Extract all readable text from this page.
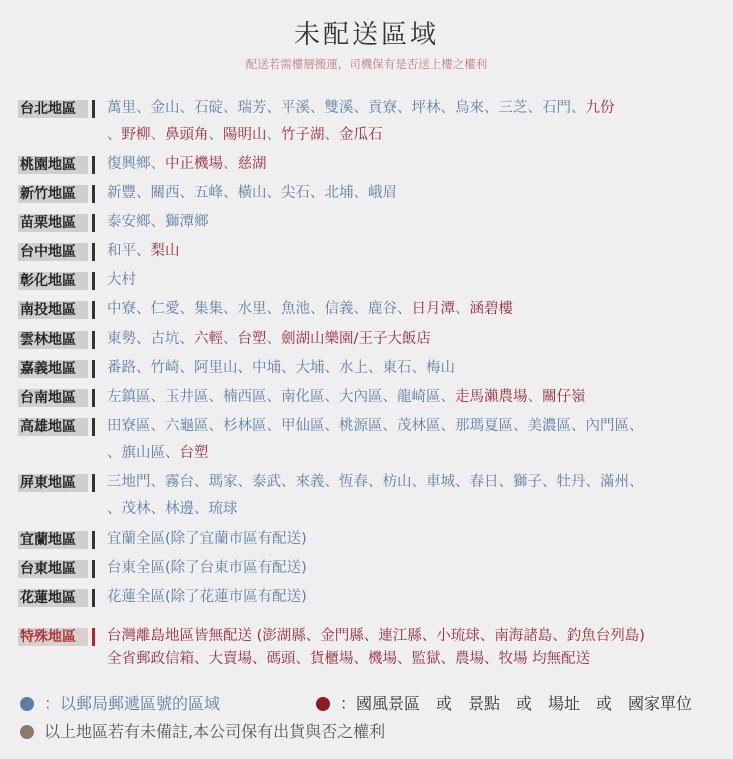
未配送區域
配送若需樓層搬運，司機保有是否送上樓之權利
台北地區	萬里、金山、石碇、瑞芳、平溪、雙溪、貢寮、坪林、烏來、三芝、石門、九份
、野柳、鼻頭角、陽明山、竹子湖、金瓜石
桃園地區	復興鄉、中正機場、慈湖
新竹地區	新豐、關西、五峰、橫山、尖石、北埔、峨眉
苗栗地區	泰安鄉、獅潭鄉
台中地區	和平、梨山
彰化地區	大村
南投地區	中寮、仁愛、集集、水里、魚池、信義、鹿谷、日月潭、涵碧樓
雲林地區	東勢、古坑、六輕、台塑、劍湖山樂園/王子大飯店
嘉義地區	番路、竹崎、阿里山、中埔、大埔、水上、東石、梅山
台南地區	左鎮區、玉井區、楠西區、南化區、大內區、龍崎區、走馬瀨農場、關仔嶺
高雄地區	田寮區、六龜區、杉林區、甲仙區、桃源區、茂林區、那瑪夏區、美濃區、內門區、
、旗山區、台塑
屏東地區	三地門、霧台、瑪家、泰武、來義、恆春、枋山、車城、春日、獅子、牡丹、滿州、
、茂林、林邊、琉球
宜蘭地區	宜蘭全區(除了宜蘭市區有配送)
台東地區	台東全區(除了台東市區有配送)
花蓮地區	花蓮全區(除了花蓮市區有配送)
特殊地區	台灣離島地區皆無配送 (澎湖縣、金門縣、連江縣、小琉球、南海諸島、釣魚台列島)
全省郵政信箱、大賣場、碼頭、貨櫃場、機場、監獄、農場、牧場 均無配送
：以郵局郵遞區號的區域	：國風景區　或　景點　或　場址　或　國家單位
以上地區若有未備註,本公司保有出貨與否之權利
